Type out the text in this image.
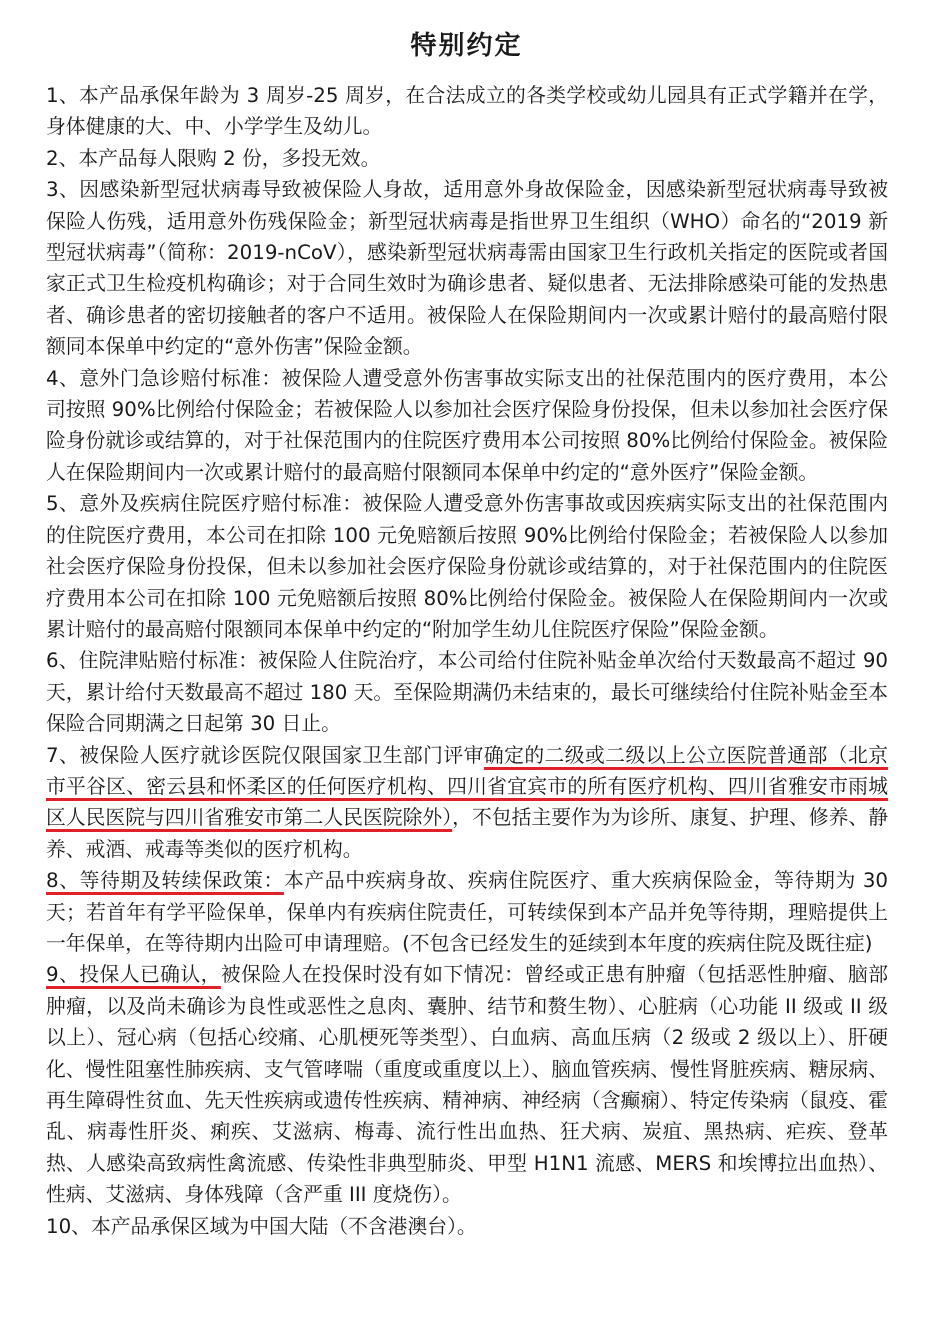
特别约定

1、本产品承保年龄为 3 周岁-25 周岁，在合法成立的各类学校或幼儿园具有正式学籍并在学，身体健康的大、中、小学学生及幼儿。

2、本产品每人限购 2 份，多投无效。

3、因感染新型冠状病毒导致被保险人身故，适用意外身故保险金，因感染新型冠状病毒导致被保险人伤残，适用意外伤残保险金；新型冠状病毒是指世界卫生组织（WHO）命名的“2019 新型冠状病毒”（简称：2019-nCoV），感染新型冠状病毒需由国家卫生行政机关指定的医院或者国家正式卫生检疫机构确诊；对于合同生效时为确诊患者、疑似患者、无法排除感染可能的发热患者、确诊患者的密切接触者的客户不适用。被保险人在保险期间内一次或累计赔付的最高赔付限额同本保单中约定的“意外伤害”保险金额。

4、意外门急诊赔付标准：被保险人遭受意外伤害事故实际支出的社保范围内的医疗费用，本公司按照 90%比例给付保险金；若被保险人以参加社会医疗保险身份投保，但未以参加社会医疗保险身份就诊或结算的，对于社保范围内的住院医疗费用本公司按照 80%比例给付保险金。被保险人在保险期间内一次或累计赔付的最高赔付限额同本保单中约定的“意外医疗”保险金额。

5、意外及疾病住院医疗赔付标准：被保险人遭受意外伤害事故或因疾病实际支出的社保范围内的住院医疗费用，本公司在扣除 100 元免赔额后按照 90%比例给付保险金；若被保险人以参加社会医疗保险身份投保，但未以参加社会医疗保险身份就诊或结算的，对于社保范围内的住院医疗费用本公司在扣除 100 元免赔额后按照 80%比例给付保险金。被保险人在保险期间内一次或累计赔付的最高赔付限额同本保单中约定的“附加学生幼儿住院医疗保险”保险金额。

6、住院津贴赔付标准：被保险人住院治疗，本公司给付住院补贴金单次给付天数最高不超过 90 天，累计给付天数最高不超过 180 天。至保险期满仍未结束的，最长可继续给付住院补贴金至本保险合同期满之日起第 30 日止。

7、被保险人医疗就诊医院仅限国家卫生部门评审确定的二级或二级以上公立医院普通部（北京市平谷区、密云县和怀柔区的任何医疗机构、四川省宜宾市的所有医疗机构、四川省雅安市雨城区人民医院与四川省雅安市第二人民医院除外），不包括主要作为为诊所、康复、护理、修养、静养、戒酒、戒毒等类似的医疗机构。

8、等待期及转续保政策：本产品中疾病身故、疾病住院医疗、重大疾病保险金，等待期为 30 天；若首年有学平险保单，保单内有疾病住院责任，可转续保到本产品并免等待期，理赔提供上一年保单，在等待期内出险可申请理赔。(不包含已经发生的延续到本年度的疾病住院及既往症)

9、投保人已确认，被保险人在投保时没有如下情况：曾经或正患有肿瘤（包括恶性肿瘤、脑部肿瘤，以及尚未确诊为良性或恶性之息肉、囊肿、结节和赘生物）、心脏病（心功能 II 级或 II 级以上）、冠心病（包括心绞痛、心肌梗死等类型）、白血病、高血压病（2 级或 2 级以上）、肝硬化、慢性阻塞性肺疾病、支气管哮喘（重度或重度以上）、脑血管疾病、慢性肾脏疾病、糖尿病、再生障碍性贫血、先天性疾病或遗传性疾病、精神病、神经病（含癫痫）、特定传染病（鼠疫、霍乱、病毒性肝炎、痢疾、艾滋病、梅毒、流行性出血热、狂犬病、炭疽、黑热病、疟疾、登革热、人感染高致病性禽流感、传染性非典型肺炎、甲型 H1N1 流感、MERS 和埃博拉出血热）、性病、艾滋病、身体残障（含严重 III 度烧伤）。

10、本产品承保区域为中国大陆（不含港澳台）。
